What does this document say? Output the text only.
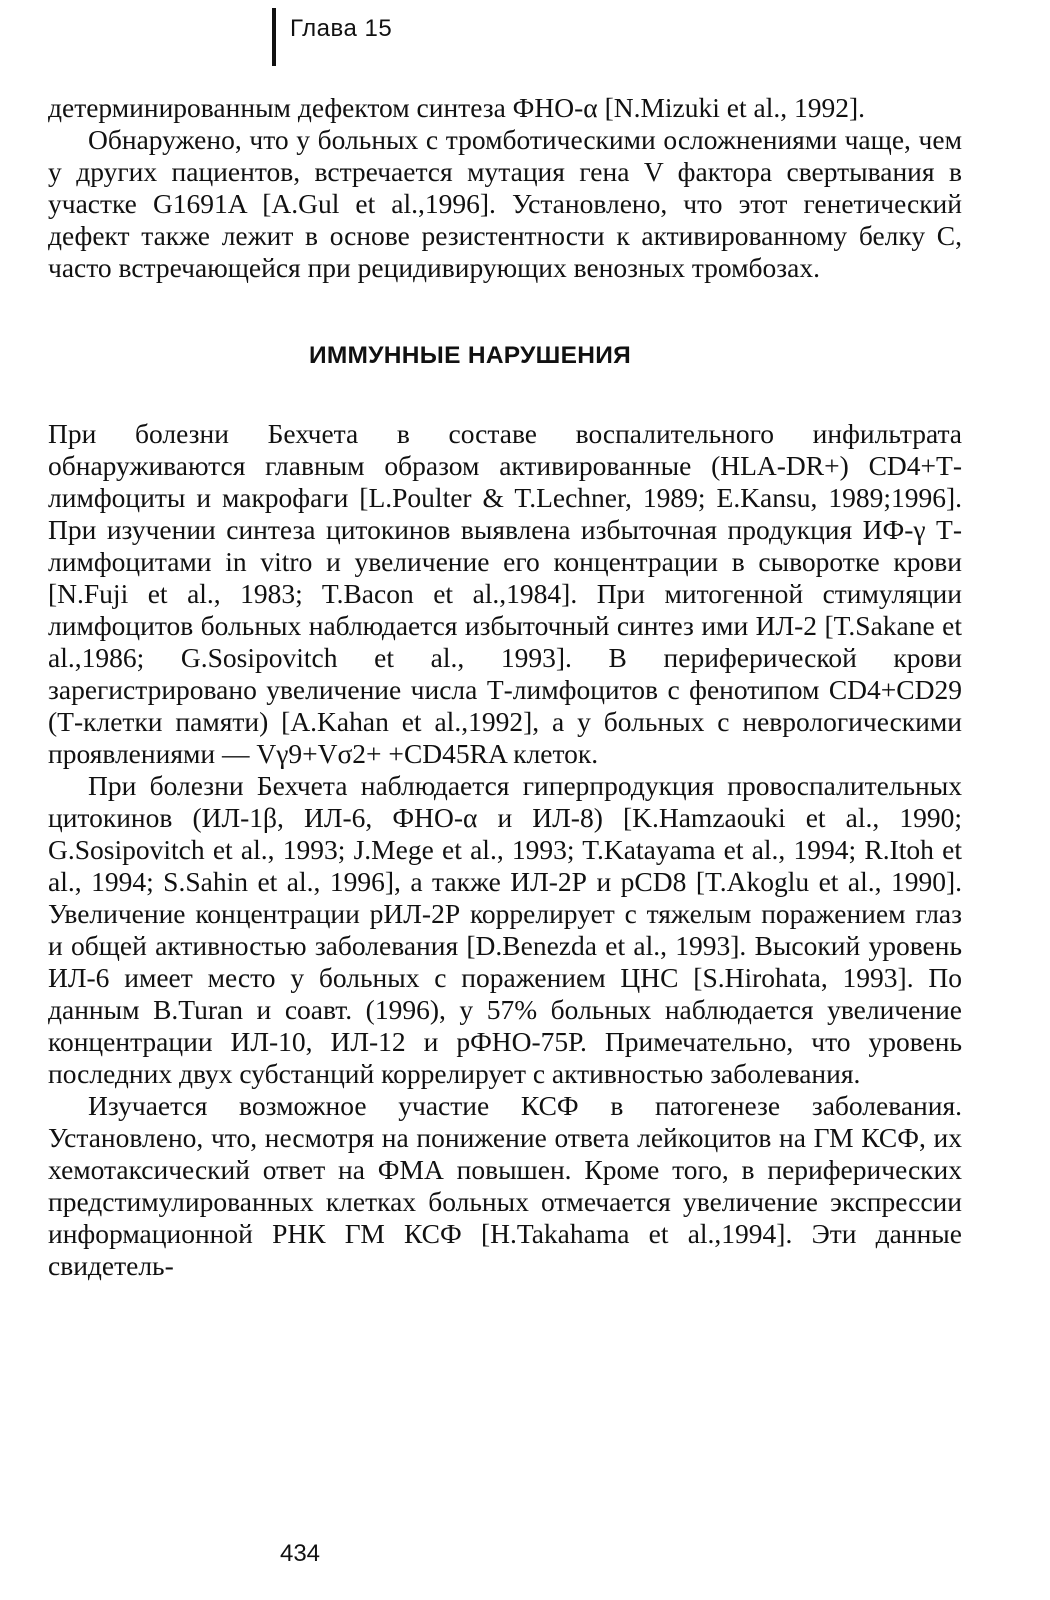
Глава 15

детерминированным дефектом синтеза ФНО-α [N.Mizuki et al., 1992].

Обнаружено, что у больных с тромботическими осложнениями чаще, чем у других пациентов, встречается мутация гена V фактора свертывания в участке G1691A [A.Gul et al.,1996]. Установлено, что этот генетический дефект также лежит в основе резистентности к активированному белку С, часто встречающейся при рецидивирующих венозных тромбозах.

ИММУННЫЕ НАРУШЕНИЯ

При болезни Бехчета в составе воспалительного инфильтрата обнаруживаются главным образом активированные (HLA-DR+) CD4+Т-лимфоциты и макрофаги [L.Poulter & T.Lechner, 1989; E.Kansu, 1989;1996]. При изучении синтеза цитокинов выявлена избыточная продукция ИФ-γ Т-лимфоцитами in vitro и увеличение его концентрации в сыворотке крови [N.Fuji et al., 1983; T.Bacon et al.,1984]. При митогенной стимуляции лимфоцитов больных наблюдается избыточный синтез ими ИЛ-2 [T.Sakane et al.,1986; G.Sosipovitch et al., 1993]. В периферической крови зарегистрировано увеличение числа Т-лимфоцитов с фенотипом CD4+CD29 (Т-клетки памяти) [A.Kahan et al.,1992], а у больных с неврологическими проявлениями — Vγ9+Vσ2+ +CD45RA клеток.

При болезни Бехчета наблюдается гиперпродукция провоспалительных цитокинов (ИЛ-1β, ИЛ-6, ФНО-α и ИЛ-8) [K.Hamzaouki et al., 1990; G.Sosipovitch et al., 1993; J.Mege et al., 1993; T.Katayama et al., 1994; R.Itoh et al., 1994; S.Sahin et al., 1996], а также ИЛ-2Р и рCD8 [T.Akoglu et al., 1990]. Увеличение концентрации рИЛ-2Р коррелирует с тяжелым поражением глаз и общей активностью заболевания [D.Benezda et al., 1993]. Высокий уровень ИЛ-6 имеет место у больных с поражением ЦНС [S.Hirohata, 1993]. По данным B.Turan и соавт. (1996), у 57% больных наблюдается увеличение концентрации ИЛ-10, ИЛ-12 и рФНО-75Р. Примечательно, что уровень последних двух субстанций коррелирует с активностью заболевания.

Изучается возможное участие КСФ в патогенезе заболевания. Установлено, что, несмотря на понижение ответа лейкоцитов на ГМ КСФ, их хемотаксический ответ на ФМА повышен. Кроме того, в периферических предстимулированных клетках больных отмечается увеличение экспрессии информационной РНК ГМ КСФ [H.Takahama et al.,1994]. Эти данные свидетель-

434
